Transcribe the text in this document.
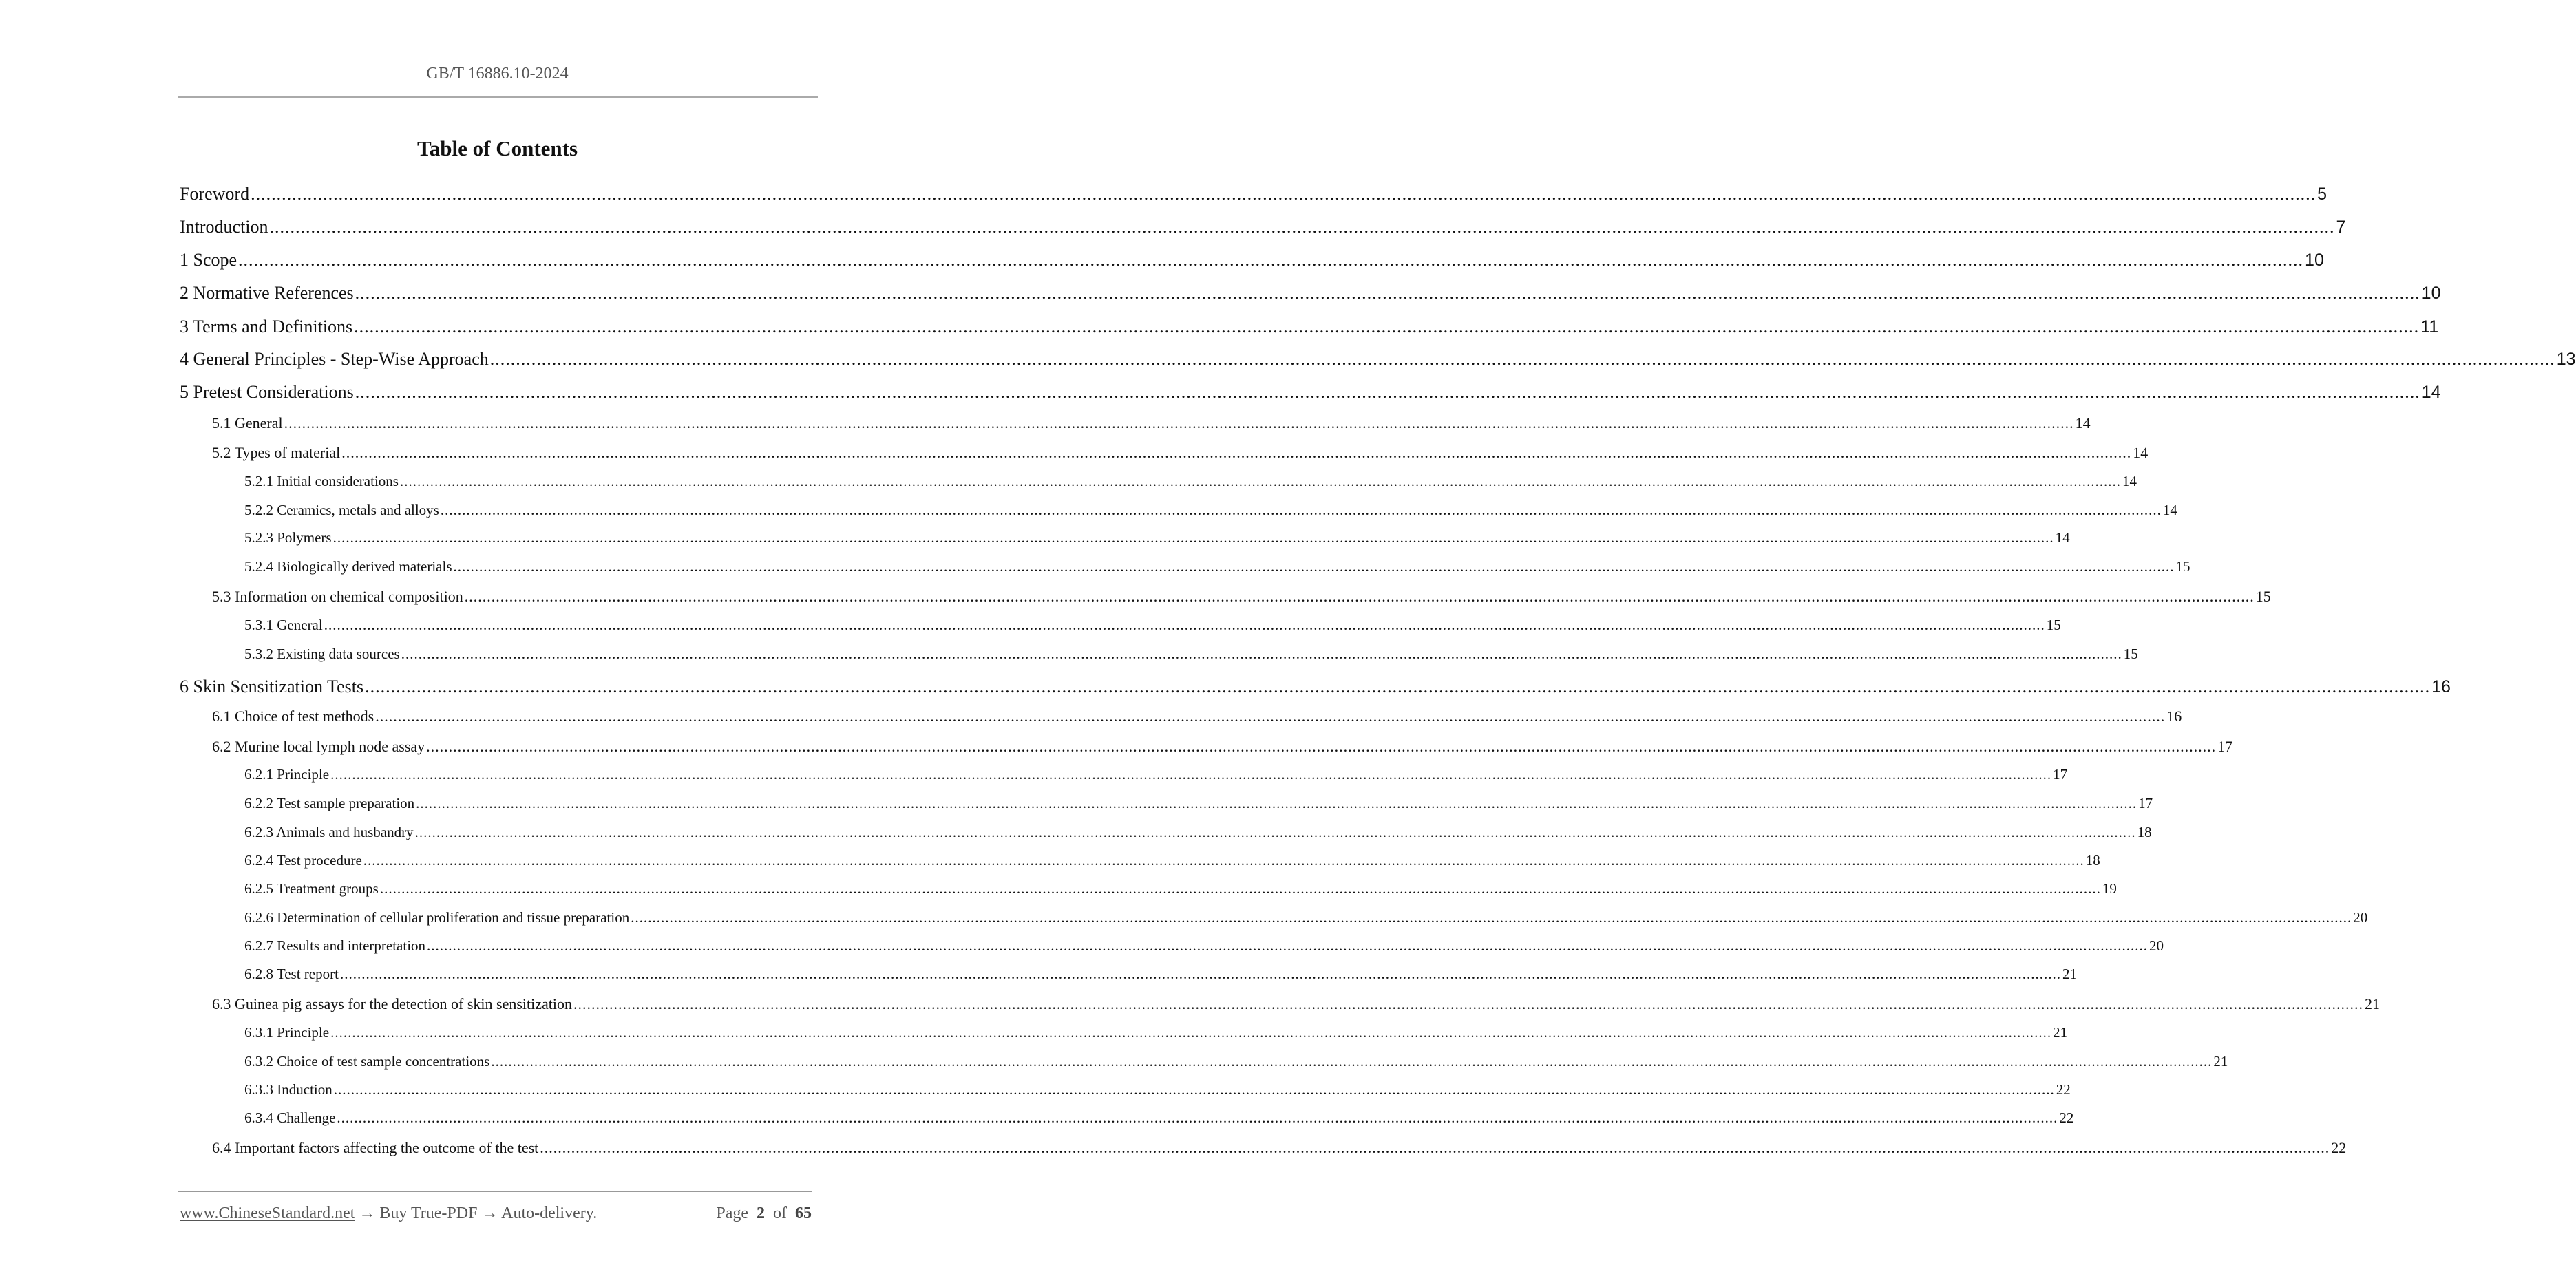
GB/T 16886.10-2024
Table of Contents
Foreword ................................................................................................................................................................................................................................................................................................................................................................................................................ 5
Introduction ................................................................................................................................................................................................................................................................................................................................................................................................................ 7
1 Scope ................................................................................................................................................................................................................................................................................................................................................................................................................ 10
2 Normative References ................................................................................................................................................................................................................................................................................................................................................................................................................ 10
3 Terms and Definitions ................................................................................................................................................................................................................................................................................................................................................................................................................ 11
4 General Principles - Step-Wise Approach ................................................................................................................................................................................................................................................................................................................................................................................................................ 13
5 Pretest Considerations ................................................................................................................................................................................................................................................................................................................................................................................................................ 14
5.1 General ................................................................................................................................................................................................................................................................................................................................................................................................................ 14
5.2 Types of material ................................................................................................................................................................................................................................................................................................................................................................................................................ 14
5.2.1 Initial considerations ................................................................................................................................................................................................................................................................................................................................................................................................................ 14
5.2.2 Ceramics, metals and alloys ................................................................................................................................................................................................................................................................................................................................................................................................................ 14
5.2.3 Polymers ................................................................................................................................................................................................................................................................................................................................................................................................................ 14
5.2.4 Biologically derived materials ................................................................................................................................................................................................................................................................................................................................................................................................................ 15
5.3 Information on chemical composition ................................................................................................................................................................................................................................................................................................................................................................................................................ 15
5.3.1 General ................................................................................................................................................................................................................................................................................................................................................................................................................ 15
5.3.2 Existing data sources ................................................................................................................................................................................................................................................................................................................................................................................................................ 15
6 Skin Sensitization Tests ................................................................................................................................................................................................................................................................................................................................................................................................................ 16
6.1 Choice of test methods ................................................................................................................................................................................................................................................................................................................................................................................................................ 16
6.2 Murine local lymph node assay ................................................................................................................................................................................................................................................................................................................................................................................................................ 17
6.2.1 Principle ................................................................................................................................................................................................................................................................................................................................................................................................................ 17
6.2.2 Test sample preparation ................................................................................................................................................................................................................................................................................................................................................................................................................ 17
6.2.3 Animals and husbandry ................................................................................................................................................................................................................................................................................................................................................................................................................ 18
6.2.4 Test procedure ................................................................................................................................................................................................................................................................................................................................................................................................................ 18
6.2.5 Treatment groups ................................................................................................................................................................................................................................................................................................................................................................................................................ 19
6.2.6 Determination of cellular proliferation and tissue preparation ................................................................................................................................................................................................................................................................................................................................................................................................................ 20
6.2.7 Results and interpretation ................................................................................................................................................................................................................................................................................................................................................................................................................ 20
6.2.8 Test report ................................................................................................................................................................................................................................................................................................................................................................................................................ 21
6.3 Guinea pig assays for the detection of skin sensitization ................................................................................................................................................................................................................................................................................................................................................................................................................ 21
6.3.1 Principle ................................................................................................................................................................................................................................................................................................................................................................................................................ 21
6.3.2 Choice of test sample concentrations ................................................................................................................................................................................................................................................................................................................................................................................................................ 21
6.3.3 Induction ................................................................................................................................................................................................................................................................................................................................................................................................................ 22
6.3.4 Challenge ................................................................................................................................................................................................................................................................................................................................................................................................................ 22
6.4 Important factors affecting the outcome of the test ................................................................................................................................................................................................................................................................................................................................................................................................................ 22
www.ChineseStandard.net → Buy True-PDF → Auto-delivery.	Page 2 of 65
